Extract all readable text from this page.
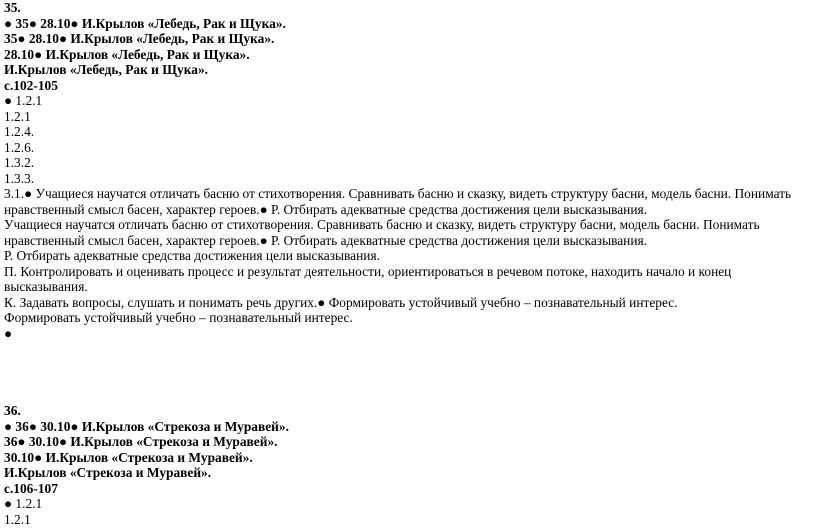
35.

● 35● 28.10● И.Крылов «Лебедь, Рак и Щука».

35● 28.10● И.Крылов «Лебедь, Рак и Щука».

28.10● И.Крылов «Лебедь, Рак и Щука».

И.Крылов «Лебедь, Рак и Щука».

с.102-105

● 1.2.1

1.2.1

1.2.4.

1.2.6.

1.3.2.

1.3.3.

3.1.● Учащиеся научатся отличать басню от стихотворения. Сравнивать басню и сказку, видеть структуру басни, модель басни. Понимать нравственный смысл басен, характер героев.● Р. Отбирать адекватные средства достижения цели высказывания.

Учащиеся научатся отличать басню от стихотворения. Сравнивать басню и сказку, видеть структуру басни, модель басни. Понимать нравственный смысл басен, характер героев.● Р. Отбирать адекватные средства достижения цели высказывания.

Р. Отбирать адекватные средства достижения цели высказывания.

П. Контролировать и оценивать процесс и результат деятельности, ориентироваться в речевом потоке, находить начало и конец высказывания.

К. Задавать вопросы, слушать и понимать речь других.● Формировать устойчивый учебно – познавательный интерес.

Формировать устойчивый учебно – познавательный интерес.

●

36.

● 36● 30.10● И.Крылов «Стрекоза и Муравей».

36● 30.10● И.Крылов «Стрекоза и Муравей».

30.10● И.Крылов «Стрекоза и Муравей».

И.Крылов «Стрекоза и Муравей».

с.106-107

● 1.2.1

1.2.1
